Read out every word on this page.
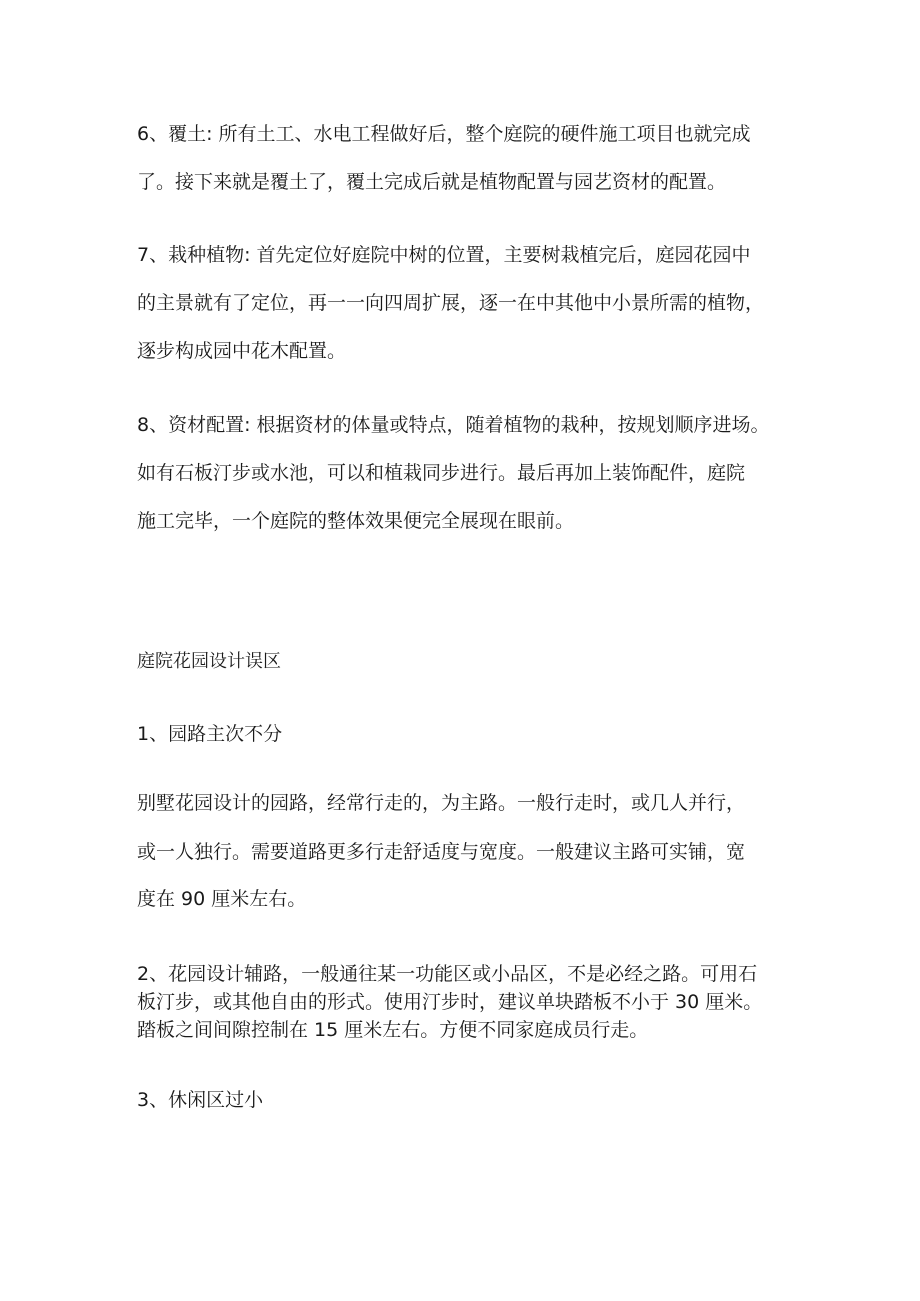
6、覆土: 所有土工、水电工程做好后，整个庭院的硬件施工项目也就完成

了。接下来就是覆土了，覆土完成后就是植物配置与园艺资材的配置。

7、栽种植物: 首先定位好庭院中树的位置，主要树栽植完后，庭园花园中

的主景就有了定位，再一一向四周扩展，逐一在中其他中小景所需的植物，

逐步构成园中花木配置。

8、资材配置: 根据资材的体量或特点，随着植物的栽种，按规划顺序进场。

如有石板汀步或水池，可以和植栽同步进行。最后再加上装饰配件，庭院

施工完毕，一个庭院的整体效果便完全展现在眼前。

庭院花园设计误区

1、园路主次不分

别墅花园设计的园路，经常行走的，为主路。一般行走时，或几人并行，

或一人独行。需要道路更多行走舒适度与宽度。一般建议主路可实铺，宽

度在 90 厘米左右。

2、花园设计辅路，一般通往某一功能区或小品区，不是必经之路。可用石

板汀步，或其他自由的形式。使用汀步时，建议单块踏板不小于 30 厘米。

踏板之间间隙控制在 15 厘米左右。方便不同家庭成员行走。

3、休闲区过小
